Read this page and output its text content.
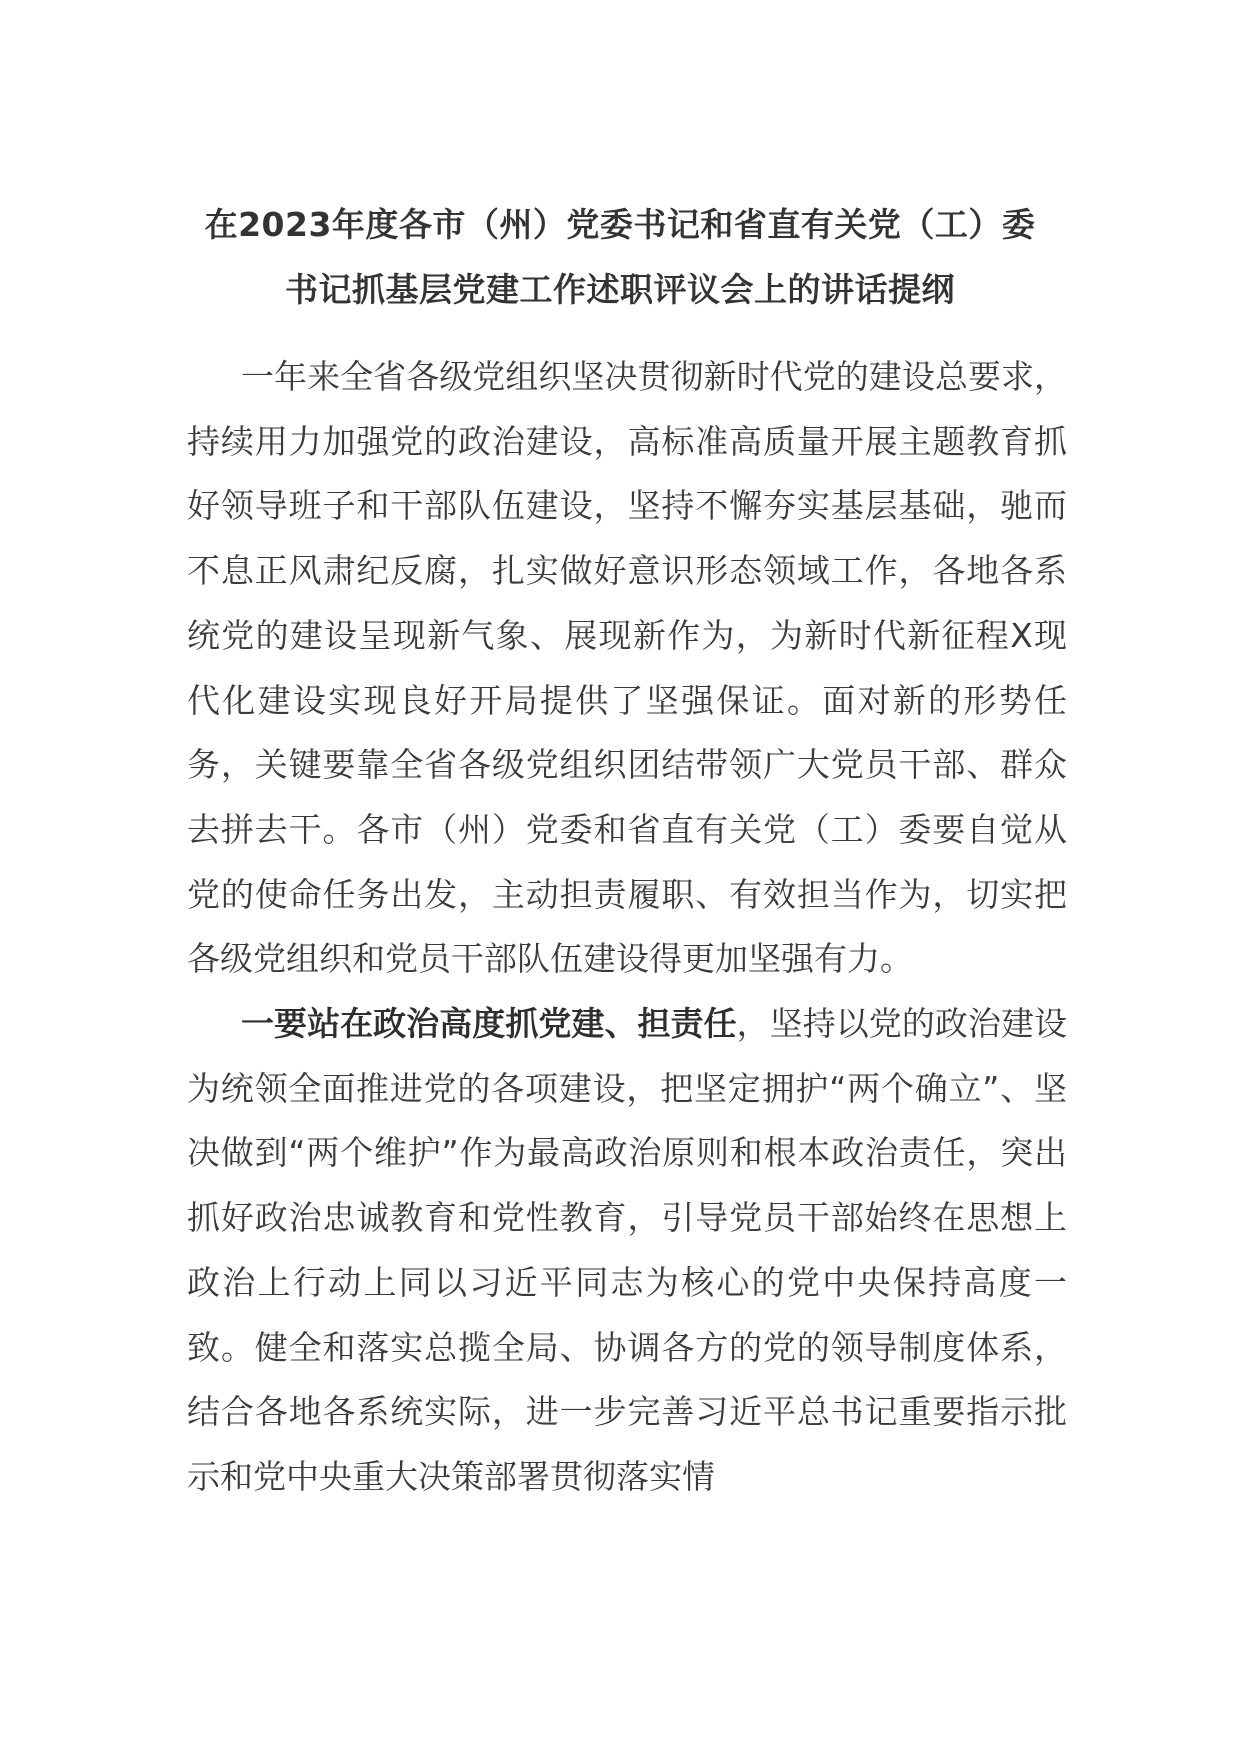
在2023年度各市（州）党委书记和省直有关党（工）委
书记抓基层党建工作述职评议会上的讲话提纲

一年来全省各级党组织坚决贯彻新时代党的建设总要求，持续用力加强党的政治建设，高标准高质量开展主题教育抓好领导班子和干部队伍建设，坚持不懈夯实基层基础，驰而不息正风肃纪反腐，扎实做好意识形态领域工作，各地各系统党的建设呈现新气象、展现新作为，为新时代新征程X现代化建设实现良好开局提供了坚强保证。面对新的形势任务，关键要靠全省各级党组织团结带领广大党员干部、群众去拼去干。各市（州）党委和省直有关党（工）委要自觉从党的使命任务出发，主动担责履职、有效担当作为，切实把各级党组织和党员干部队伍建设得更加坚强有力。

一要站在政治高度抓党建、担责任，坚持以党的政治建设为统领全面推进党的各项建设，把坚定拥护“两个确立”、坚决做到“两个维护”作为最高政治原则和根本政治责任，突出抓好政治忠诚教育和党性教育，引导党员干部始终在思想上政治上行动上同以习近平同志为核心的党中央保持高度一致。健全和落实总揽全局、协调各方的党的领导制度体系，结合各地各系统实际，进一步完善习近平总书记重要指示批示和党中央重大决策部署贯彻落实情
